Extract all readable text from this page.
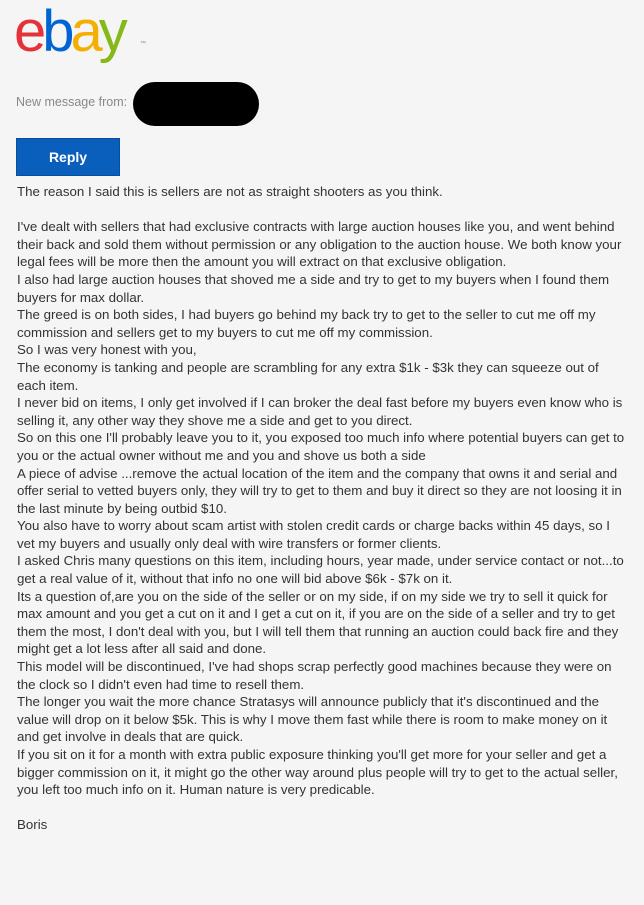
ebay	™
New message from:
Reply

The reason I said this is sellers are not as straight shooters as you think.

I've dealt with sellers that had exclusive contracts with large auction houses like you, and went behind their back and sold them without permission or any obligation to the auction house. We both know your legal fees will be more then the amount you will extract on that exclusive obligation.

I also had large auction houses that shoved me a side and try to get to my buyers when I found them buyers for max dollar.

The greed is on both sides, I had buyers go behind my back try to get to the seller to cut me off my commission and sellers get to my buyers to cut me off my commission.

So I was very honest with you,

The economy is tanking and people are scrambling for any extra $1k - $3k they can squeeze out of each item.

I never bid on items, I only get involved if I can broker the deal fast before my buyers even know who is selling it, any other way they shove me a side and get to you direct.

So on this one I'll probably leave you to it, you exposed too much info where potential buyers can get to you or the actual owner without me and you and shove us both a side

A piece of advise ...remove the actual location of the item and the company that owns it and serial and offer serial to vetted buyers only, they will try to get to them and buy it direct so they are not loosing it in the last minute by being outbid $10.

You also have to worry about scam artist with stolen credit cards or charge backs within 45 days, so I vet my buyers and usually only deal with wire transfers or former clients.

I asked Chris many questions on this item, including hours, year made, under service contact or not...to get a real value of it, without that info no one will bid above $6k - $7k on it.

Its a question of,are you on the side of the seller or on my side, if on my side we try to sell it quick for max amount and you get a cut on it and I get a cut on it, if you are on the side of a seller and try to get them the most, I don't deal with you, but I will tell them that running an auction could back fire and they might get a lot less after all said and done.

This model will be discontinued, I've had shops scrap perfectly good machines because they were on the clock so I didn't even had time to resell them.

The longer you wait the more chance Stratasys will announce publicly that it's discontinued and the value will drop on it below $5k. This is why I move them fast while there is room to make money on it and get involve in deals that are quick.

If you sit on it for a month with extra public exposure thinking you'll get more for your seller and get a bigger commission on it, it might go the other way around plus people will try to get to the actual seller, you left too much info on it. Human nature is very predicable.

Boris
